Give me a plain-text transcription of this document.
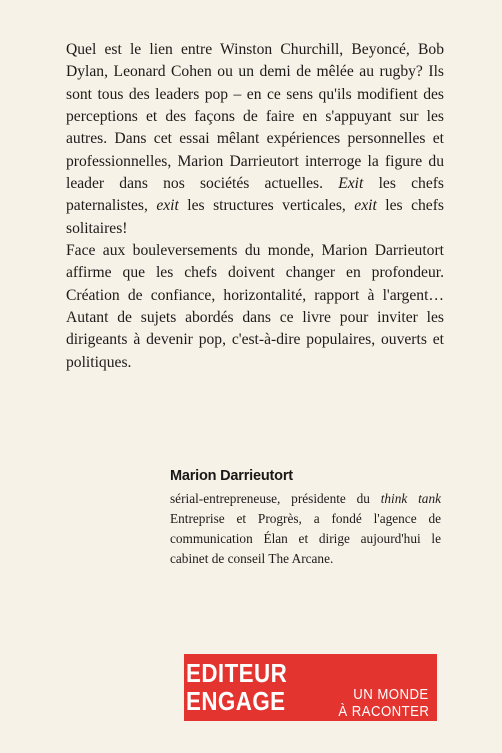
Quel est le lien entre Winston Churchill, Beyoncé, Bob Dylan, Leonard Cohen ou un demi de mêlée au rugby? Ils sont tous des leaders pop – en ce sens qu'ils modifient des perceptions et des façons de faire en s'appuyant sur les autres. Dans cet essai mêlant expériences personnelles et professionnelles, Marion Darrieutort interroge la figure du leader dans nos sociétés actuelles. Exit les chefs paternalistes, exit les structures verticales, exit les chefs solitaires!

Face aux bouleversements du monde, Marion Darrieutort affirme que les chefs doivent changer en profondeur. Création de confiance, horizontalité, rapport à l'argent… Autant de sujets abordés dans ce livre pour inviter les dirigeants à devenir pop, c'est-à-dire populaires, ouverts et politiques.

Marion Darrieutort
sérial-entrepreneuse, présidente du think tank Entreprise et Progrès, a fondé l'agence de communication Élan et dirige aujourd'hui le cabinet de conseil The Arcane.
EDITEUR
ENGAGE	UN MONDE
À RACONTER
